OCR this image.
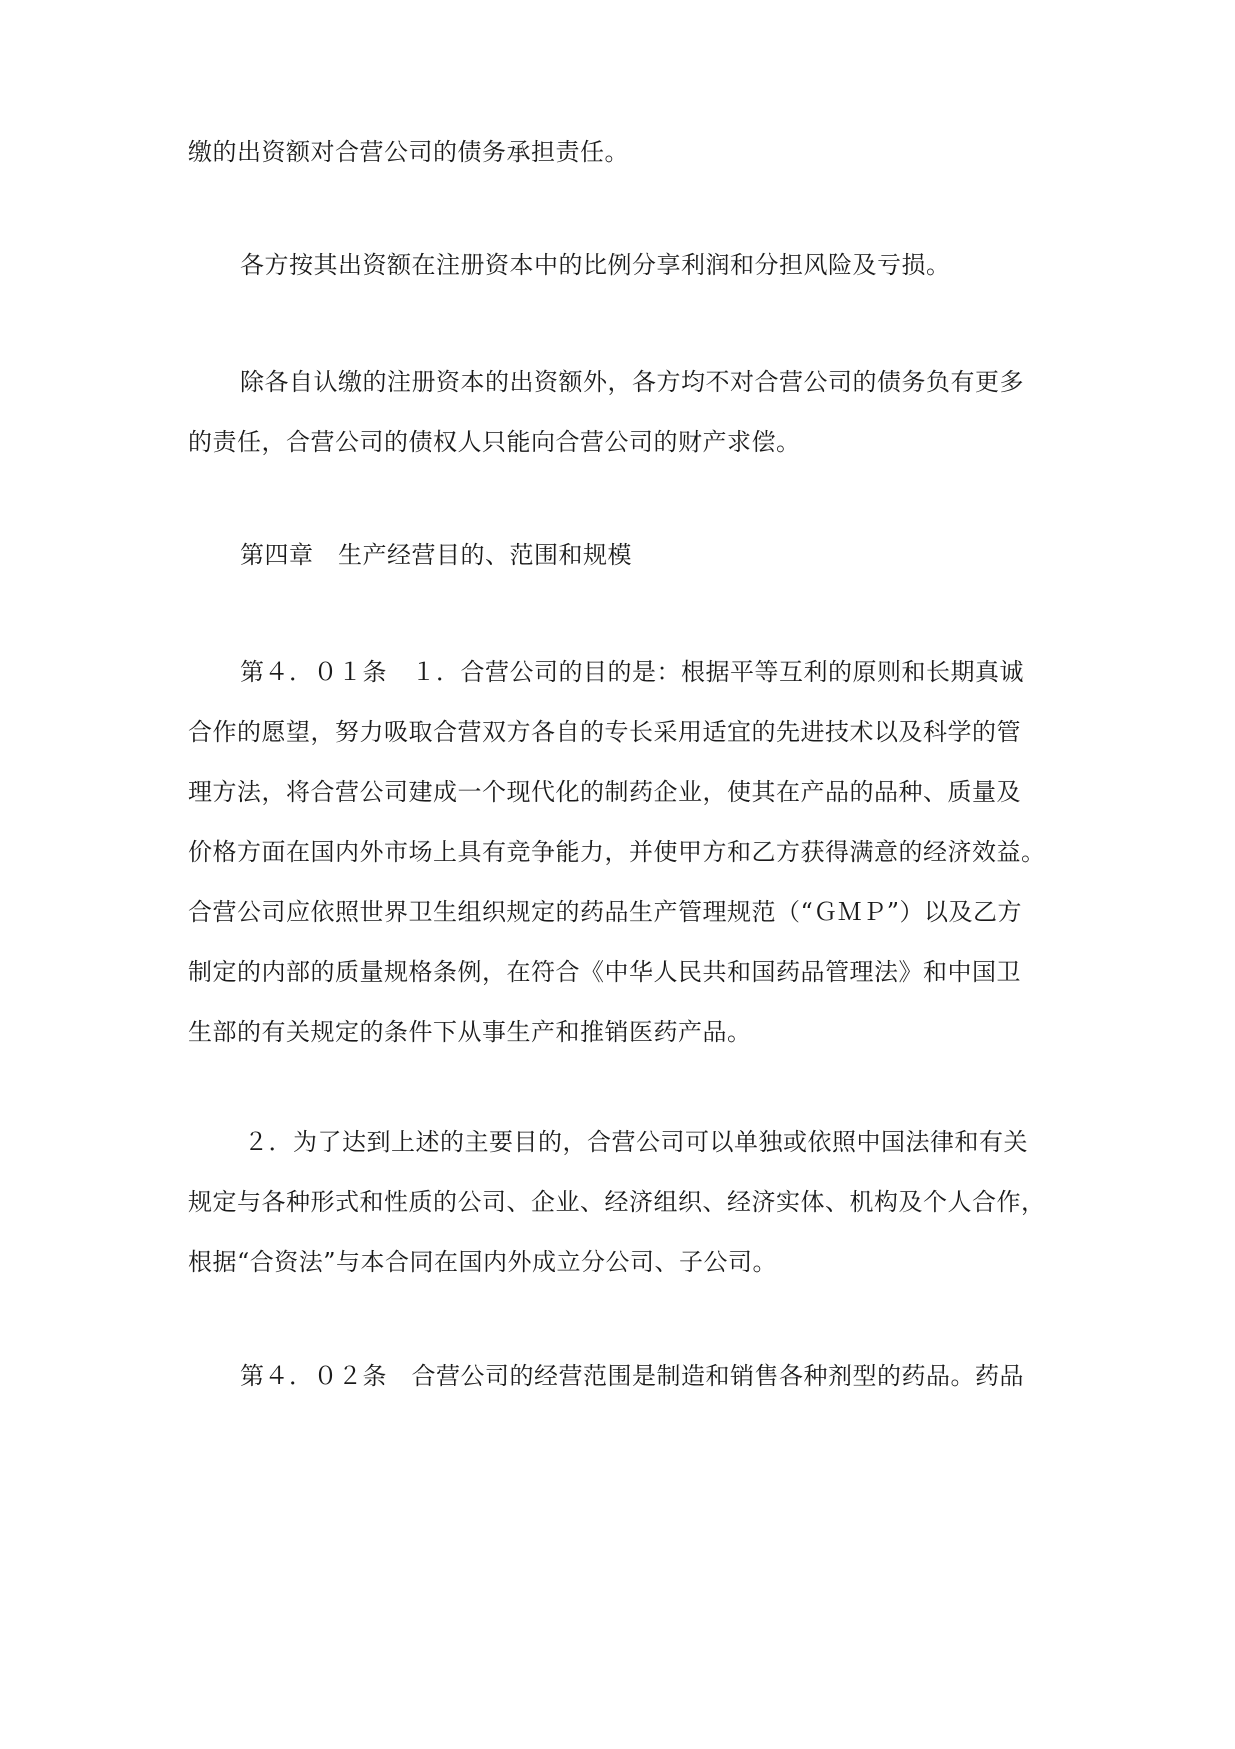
缴的出资额对合营公司的债务承担责任。
各方按其出资额在注册资本中的比例分享利润和分担风险及亏损。
除各自认缴的注册资本的出资额外，各方均不对合营公司的债务负有更多
的责任，合营公司的债权人只能向合营公司的财产求偿。
第四章　生产经营目的、范围和规模
第４．０１条　１．合营公司的目的是：根据平等互利的原则和长期真诚
合作的愿望，努力吸取合营双方各自的专长采用适宜的先进技术以及科学的管
理方法，将合营公司建成一个现代化的制药企业，使其在产品的品种、质量及
价格方面在国内外市场上具有竞争能力，并使甲方和乙方获得满意的经济效益。
合营公司应依照世界卫生组织规定的药品生产管理规范（“ＧＭＰ”）以及乙方
制定的内部的质量规格条例，在符合《中华人民共和国药品管理法》和中国卫
生部的有关规定的条件下从事生产和推销医药产品。
２．为了达到上述的主要目的，合营公司可以单独或依照中国法律和有关
规定与各种形式和性质的公司、企业、经济组织、经济实体、机构及个人合作，
根据“合资法”与本合同在国内外成立分公司、子公司。
第４．０２条　合营公司的经营范围是制造和销售各种剂型的药品。药品
